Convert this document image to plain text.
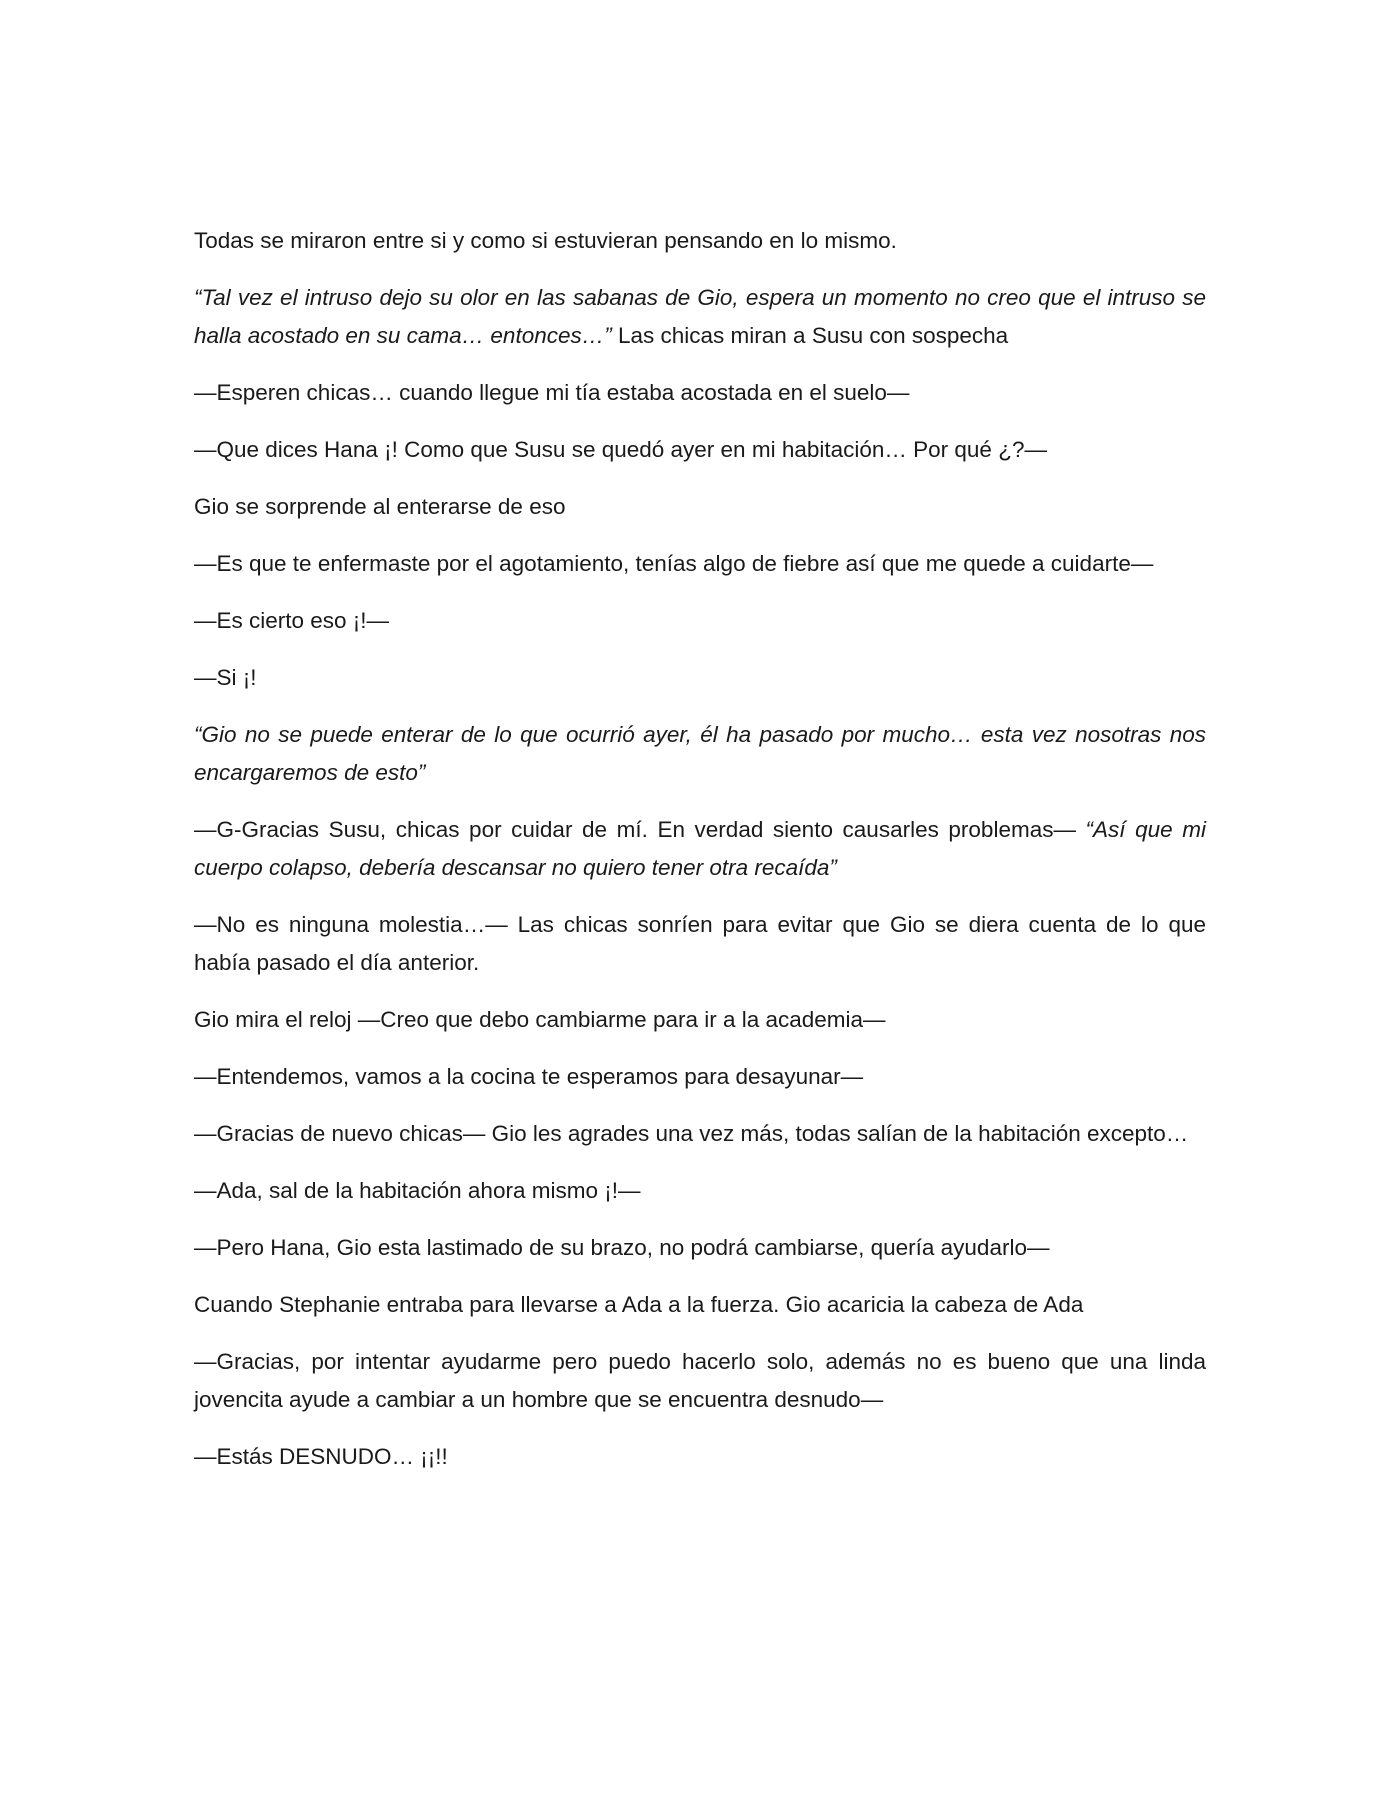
Todas se miraron entre si y como si estuvieran pensando en lo mismo.

“Tal vez el intruso dejo su olor en las sabanas de Gio, espera un momento no creo que el intruso se halla acostado en su cama… entonces…” Las chicas miran a Susu con sospecha

—Esperen chicas… cuando llegue mi tía estaba acostada en el suelo—

—Que dices Hana ¡! Como que Susu se quedó ayer en mi habitación… Por qué ¿?—

Gio se sorprende al enterarse de eso

—Es que te enfermaste por el agotamiento, tenías algo de fiebre así que me quede a cuidarte—

—Es cierto eso ¡!—

—Si ¡!

“Gio no se puede enterar de lo que ocurrió ayer, él ha pasado por mucho… esta vez nosotras nos encargaremos de esto”

—G-Gracias Susu, chicas por cuidar de mí. En verdad siento causarles problemas— “Así que mi cuerpo colapso, debería descansar no quiero tener otra recaída”

—No es ninguna molestia…— Las chicas sonríen para evitar que Gio se diera cuenta de lo que había pasado el día anterior.

Gio mira el reloj —Creo que debo cambiarme para ir a la academia—

—Entendemos, vamos a la cocina te esperamos para desayunar—

—Gracias de nuevo chicas— Gio les agrades una vez más, todas salían de la habitación excepto…

—Ada, sal de la habitación ahora mismo ¡!—

—Pero Hana, Gio esta lastimado de su brazo, no podrá cambiarse, quería ayudarlo—

Cuando Stephanie entraba para llevarse a Ada a la fuerza. Gio acaricia la cabeza de Ada

—Gracias, por intentar ayudarme pero puedo hacerlo solo, además no es bueno que una linda jovencita ayude a cambiar a un hombre que se encuentra desnudo—

—Estás DESNUDO… ¡¡!!
